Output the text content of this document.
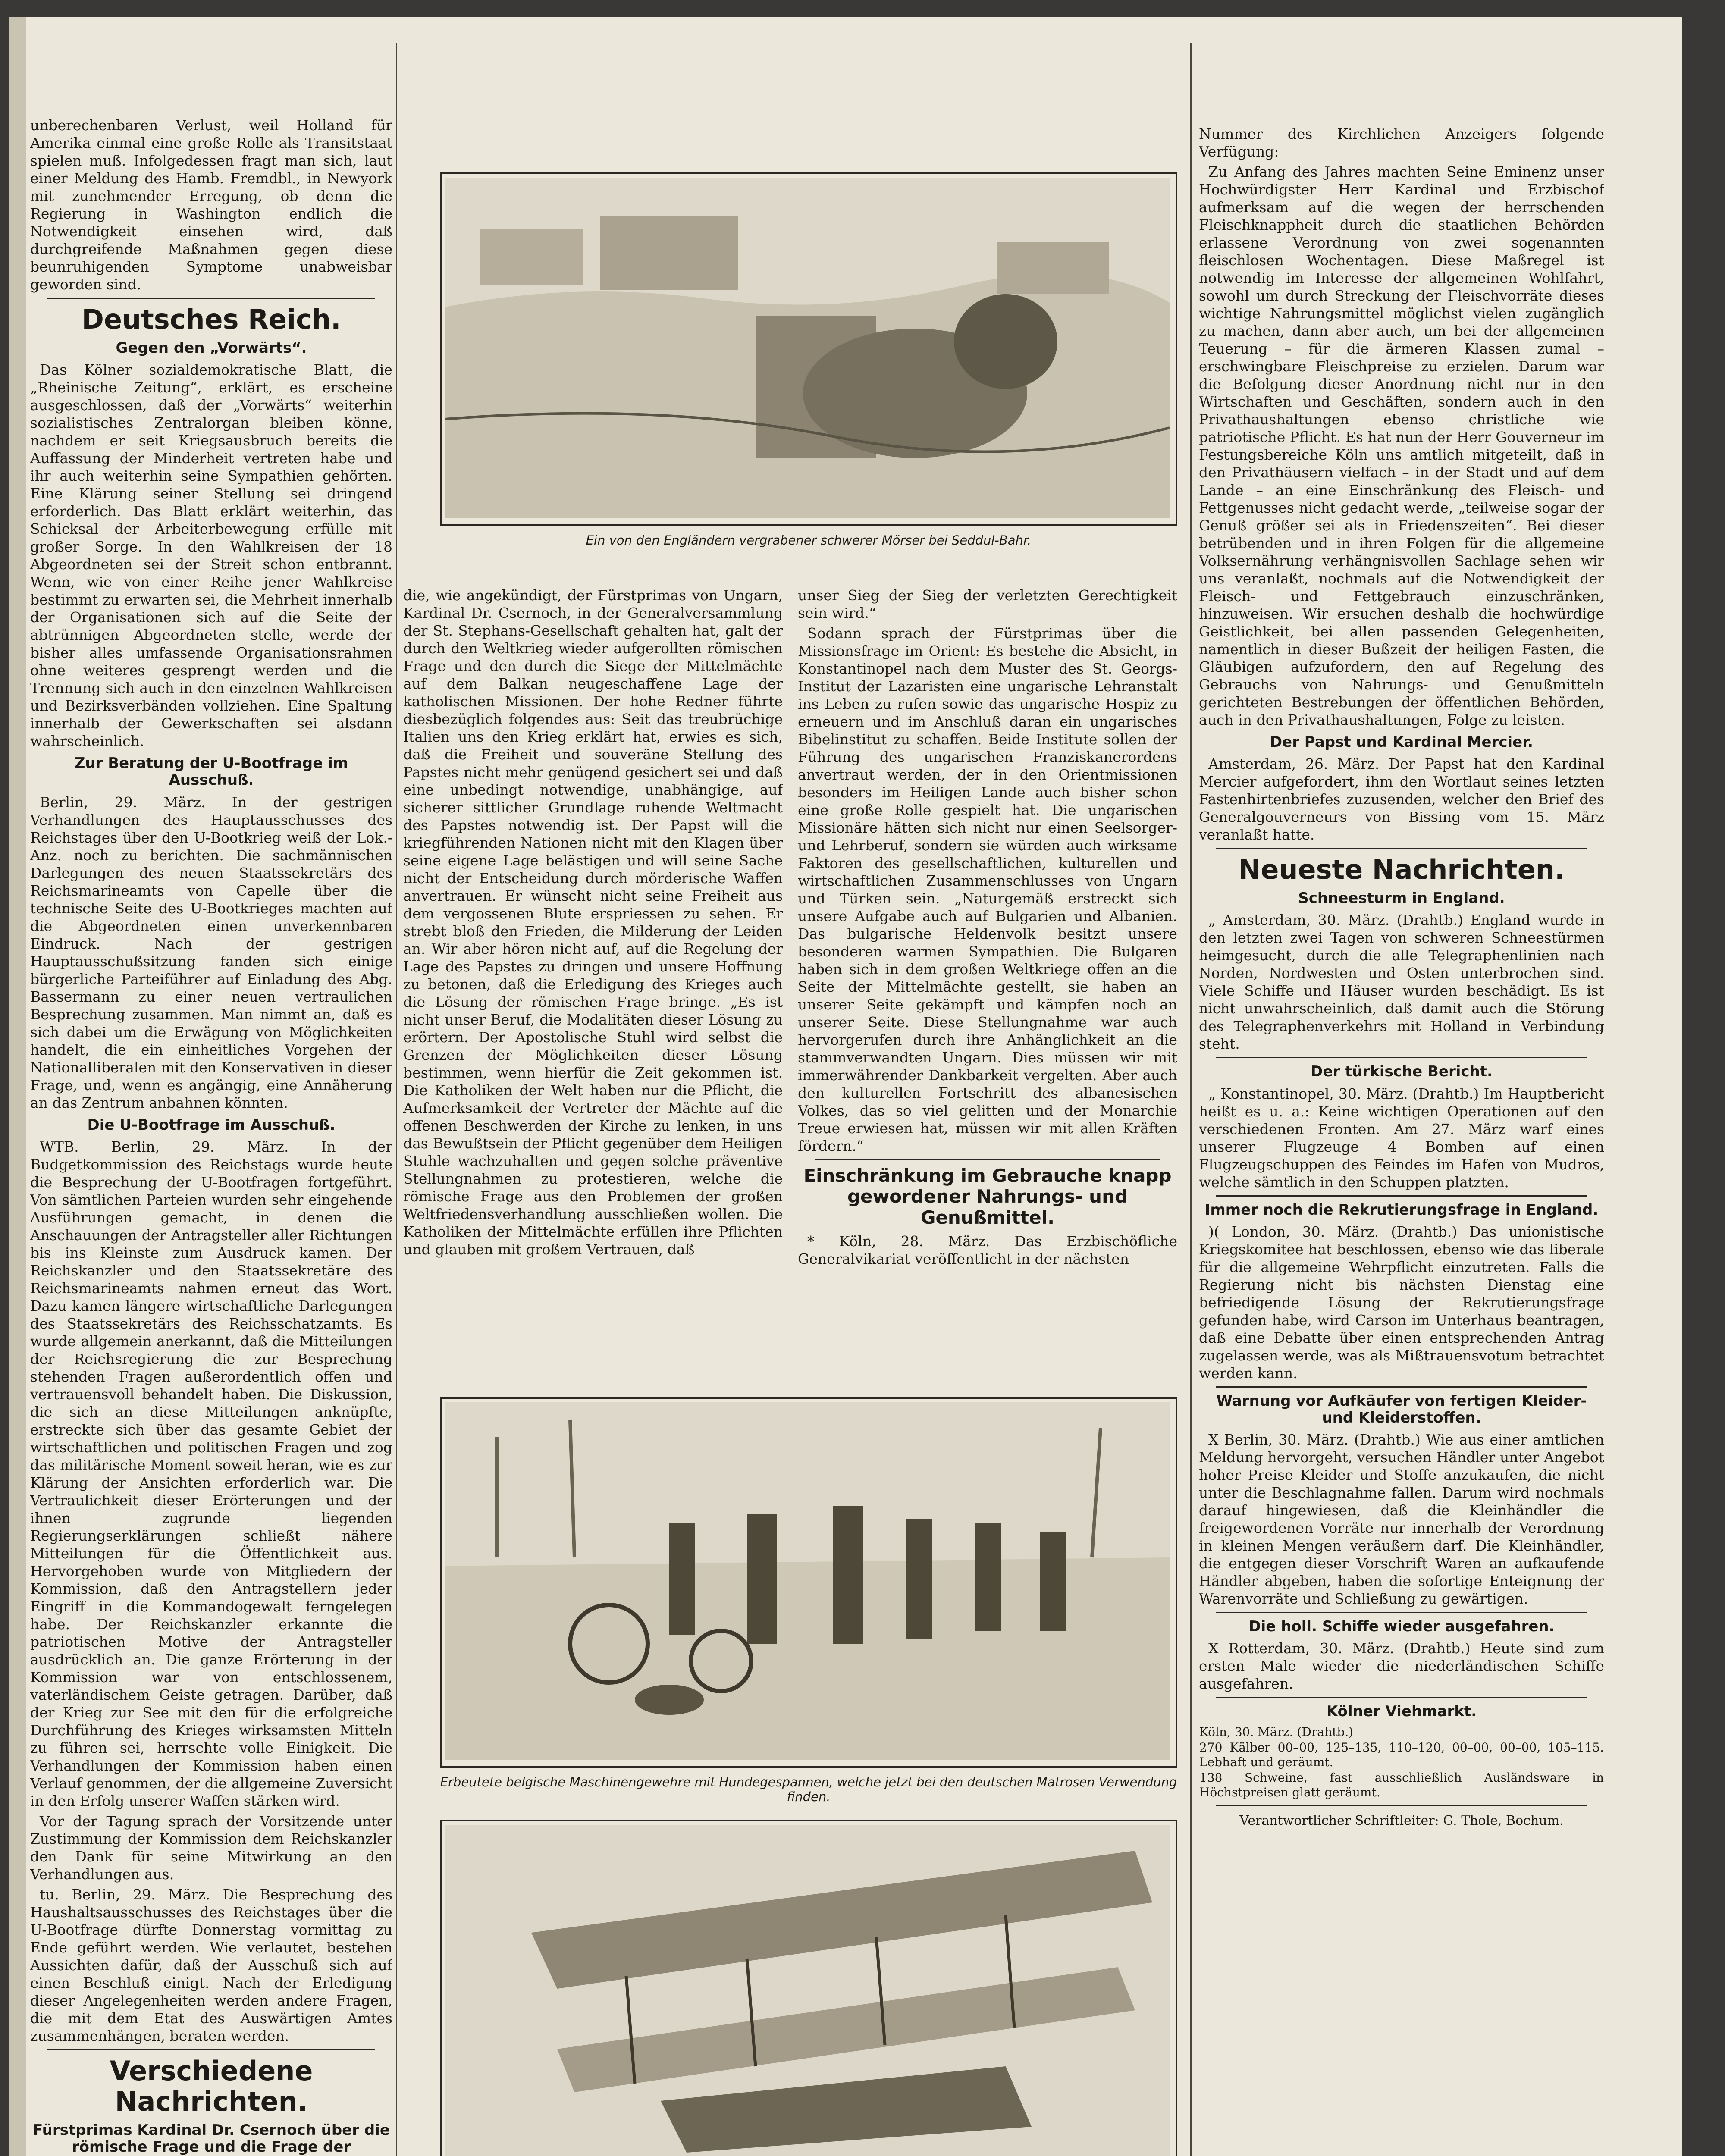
unberechenbaren Verlust, weil Holland für Amerika einmal eine große Rolle als Transitstaat spielen muß. Infolgedessen fragt man sich, laut einer Meldung des Hamb. Fremdbl., in Newyork mit zunehmender Erregung, ob denn die Regierung in Washington endlich die Notwendigkeit einsehen wird, daß durchgreifende Maßnahmen gegen diese beunruhigenden Symptome unabweisbar geworden sind.

Deutsches Reich.
Gegen den „Vorwärts“.

Das Kölner sozialdemokratische Blatt, die „Rheinische Zeitung“, erklärt, es erscheine ausgeschlossen, daß der „Vorwärts“ weiterhin sozialistisches Zentralorgan bleiben könne, nachdem er seit Kriegsausbruch bereits die Auffassung der Minderheit vertreten habe und ihr auch weiterhin seine Sympathien gehörten. Eine Klärung seiner Stellung sei dringend erforderlich. Das Blatt erklärt weiterhin, das Schicksal der Arbeiterbewegung erfülle mit großer Sorge. In den Wahlkreisen der 18 Abgeordneten sei der Streit schon entbrannt. Wenn, wie von einer Reihe jener Wahlkreise bestimmt zu erwarten sei, die Mehrheit innerhalb der Organisationen sich auf die Seite der abtrünnigen Abgeordneten stelle, werde der bisher alles umfassende Organisationsrahmen ohne weiteres gesprengt werden und die Trennung sich auch in den einzelnen Wahlkreisen und Bezirksverbänden vollziehen. Eine Spaltung innerhalb der Gewerkschaften sei alsdann wahrscheinlich.

Zur Beratung der U-Bootfrage im Ausschuß.

Berlin, 29. März. In der gestrigen Verhandlungen des Hauptausschusses des Reichstages über den U-Bootkrieg weiß der Lok.-Anz. noch zu berichten. Die sachmännischen Darlegungen des neuen Staatssekretärs des Reichsmarineamts von Capelle über die technische Seite des U-Bootkrieges machten auf die Abgeordneten einen unverkennbaren Eindruck. Nach der gestrigen Hauptausschußsitzung fanden sich einige bürgerliche Parteiführer auf Einladung des Abg. Bassermann zu einer neuen vertraulichen Besprechung zusammen. Man nimmt an, daß es sich dabei um die Erwägung von Möglichkeiten handelt, die ein einheitliches Vorgehen der Nationalliberalen mit den Konservativen in dieser Frage, und, wenn es angängig, eine Annäherung an das Zentrum anbahnen könnten.

Die U-Bootfrage im Ausschuß.

WTB. Berlin, 29. März. In der Budgetkommission des Reichstags wurde heute die Besprechung der U-Bootfragen fortgeführt. Von sämtlichen Parteien wurden sehr eingehende Ausführungen gemacht, in denen die Anschauungen der Antragsteller aller Richtungen bis ins Kleinste zum Ausdruck kamen. Der Reichskanzler und den Staatssekretäre des Reichsmarineamts nahmen erneut das Wort. Dazu kamen längere wirtschaftliche Darlegungen des Staatssekretärs des Reichsschatzamts. Es wurde allgemein anerkannt, daß die Mitteilungen der Reichsregierung die zur Besprechung stehenden Fragen außerordentlich offen und vertrauensvoll behandelt haben. Die Diskussion, die sich an diese Mitteilungen anknüpfte, erstreckte sich über das gesamte Gebiet der wirtschaftlichen und politischen Fragen und zog das militärische Moment soweit heran, wie es zur Klärung der Ansichten erforderlich war. Die Vertraulichkeit dieser Erörterungen und der ihnen zugrunde liegenden Regierungserklärungen schließt nähere Mitteilungen für die Öffentlichkeit aus. Hervorgehoben wurde von Mitgliedern der Kommission, daß den Antragstellern jeder Eingriff in die Kommandogewalt ferngelegen habe. Der Reichskanzler erkannte die patriotischen Motive der Antragsteller ausdrücklich an. Die ganze Erörterung in der Kommission war von entschlossenem, vaterländischem Geiste getragen. Darüber, daß der Krieg zur See mit den für die erfolgreiche Durchführung des Krieges wirksamsten Mitteln zu führen sei, herrschte volle Einigkeit. Die Verhandlungen der Kommission haben einen Verlauf genommen, der die allgemeine Zuversicht in den Erfolg unserer Waffen stärken wird.

Vor der Tagung sprach der Vorsitzende unter Zustimmung der Kommission dem Reichskanzler den Dank für seine Mitwirkung an den Verhandlungen aus.

tu. Berlin, 29. März. Die Besprechung des Haushaltsausschusses des Reichstages über die U-Bootfrage dürfte Donnerstag vormittag zu Ende geführt werden. Wie verlautet, bestehen Aussichten dafür, daß der Ausschuß sich auf einen Beschluß einigt. Nach der Erledigung dieser Angelegenheiten werden andere Fragen, die mit dem Etat des Auswärtigen Amtes zusammenhängen, beraten werden.

Verschiedene Nachrichten.
Fürstprimas Kardinal Dr. Csernoch über die römische Frage und die Frage der

Ein von den Engländern vergrabener schwerer Mörser bei Seddul-Bahr.

die, wie angekündigt, der Fürstprimas von Ungarn, Kardinal Dr. Csernoch, in der Generalversammlung der St. Stephans-Gesellschaft gehalten hat, galt der durch den Weltkrieg wieder aufgerollten römischen Frage und den durch die Siege der Mittelmächte auf dem Balkan neugeschaffene Lage der katholischen Missionen. Der hohe Redner führte diesbezüglich folgendes aus: Seit das treubrüchige Italien uns den Krieg erklärt hat, erwies es sich, daß die Freiheit und souveräne Stellung des Papstes nicht mehr genügend gesichert sei und daß eine unbedingt notwendige, unabhängige, auf sicherer sittlicher Grundlage ruhende Weltmacht des Papstes notwendig ist. Der Papst will die kriegführenden Nationen nicht mit den Klagen über seine eigene Lage belästigen und will seine Sache nicht der Entscheidung durch mörderische Waffen anvertrauen. Er wünscht nicht seine Freiheit aus dem vergossenen Blute erspriessen zu sehen. Er strebt bloß den Frieden, die Milderung der Leiden an. Wir aber hören nicht auf, auf die Regelung der Lage des Papstes zu dringen und unsere Hoffnung zu betonen, daß die Erledigung des Krieges auch die Lösung der römischen Frage bringe. „Es ist nicht unser Beruf, die Modalitäten dieser Lösung zu erörtern. Der Apostolische Stuhl wird selbst die Grenzen der Möglichkeiten dieser Lösung bestimmen, wenn hierfür die Zeit gekommen ist. Die Katholiken der Welt haben nur die Pflicht, die Aufmerksamkeit der Vertreter der Mächte auf die offenen Beschwerden der Kirche zu lenken, in uns das Bewußtsein der Pflicht gegenüber dem Heiligen Stuhle wachzuhalten und gegen solche präventive Stellungnahmen zu protestieren, welche die römische Frage aus den Problemen der großen Weltfriedensverhandlung ausschließen wollen. Die Katholiken der Mittelmächte erfüllen ihre Pflichten und glauben mit großem Vertrauen, daß

unser Sieg der Sieg der verletzten Gerechtigkeit sein wird.“

Sodann sprach der Fürstprimas über die Missionsfrage im Orient: Es bestehe die Absicht, in Konstantinopel nach dem Muster des St. Georgs-Institut der Lazaristen eine ungarische Lehranstalt ins Leben zu rufen sowie das ungarische Hospiz zu erneuern und im Anschluß daran ein ungarisches Bibelinstitut zu schaffen. Beide Institute sollen der Führung des ungarischen Franziskanerordens anvertraut werden, der in den Orientmissionen besonders im Heiligen Lande auch bisher schon eine große Rolle gespielt hat. Die ungarischen Missionäre hätten sich nicht nur einen Seelsorger- und Lehrberuf, sondern sie würden auch wirksame Faktoren des gesellschaftlichen, kulturellen und wirtschaftlichen Zusammenschlusses von Ungarn und Türken sein. „Naturgemäß erstreckt sich unsere Aufgabe auch auf Bulgarien und Albanien. Das bulgarische Heldenvolk besitzt unsere besonderen warmen Sympathien. Die Bulgaren haben sich in dem großen Weltkriege offen an die Seite der Mittelmächte gestellt, sie haben an unserer Seite gekämpft und kämpfen noch an unserer Seite. Diese Stellungnahme war auch hervorgerufen durch ihre Anhänglichkeit an die stammverwandten Ungarn. Dies müssen wir mit immerwährender Dankbarkeit vergelten. Aber auch den kulturellen Fortschritt des albanesischen Volkes, das so viel gelitten und der Monarchie Treue erwiesen hat, müssen wir mit allen Kräften fördern.“

Einschränkung im Gebrauche knapp gewordener Nahrungs- und Genußmittel.

* Köln, 28. März. Das Erzbischöfliche Generalvikariat veröffentlicht in der nächsten

Erbeutete belgische Maschinengewehre mit Hundegespannen, welche jetzt bei den deutschen Matrosen Verwendung finden.

Nummer des Kirchlichen Anzeigers folgende Verfügung:

Zu Anfang des Jahres machten Seine Eminenz unser Hochwürdigster Herr Kardinal und Erzbischof aufmerksam auf die wegen der herrschenden Fleischknappheit durch die staatlichen Behörden erlassene Verordnung von zwei sogenannten fleischlosen Wochentagen. Diese Maßregel ist notwendig im Interesse der allgemeinen Wohlfahrt, sowohl um durch Streckung der Fleischvorräte dieses wichtige Nahrungsmittel möglichst vielen zugänglich zu machen, dann aber auch, um bei der allgemeinen Teuerung – für die ärmeren Klassen zumal – erschwingbare Fleischpreise zu erzielen. Darum war die Befolgung dieser Anordnung nicht nur in den Wirtschaften und Geschäften, sondern auch in den Privathaushaltungen ebenso christliche wie patriotische Pflicht. Es hat nun der Herr Gouverneur im Festungsbereiche Köln uns amtlich mitgeteilt, daß in den Privathäusern vielfach – in der Stadt und auf dem Lande – an eine Einschränkung des Fleisch- und Fettgenusses nicht gedacht werde, „teilweise sogar der Genuß größer sei als in Friedenszeiten“. Bei dieser betrübenden und in ihren Folgen für die allgemeine Volksernährung verhängnisvollen Sachlage sehen wir uns veranlaßt, nochmals auf die Notwendigkeit der Fleisch- und Fettgebrauch einzuschränken, hinzuweisen. Wir ersuchen deshalb die hochwürdige Geistlichkeit, bei allen passenden Gelegenheiten, namentlich in dieser Bußzeit der heiligen Fasten, die Gläubigen aufzufordern, den auf Regelung des Gebrauchs von Nahrungs- und Genußmitteln gerichteten Bestrebungen der öffentlichen Behörden, auch in den Privathaushaltungen, Folge zu leisten.

Der Papst und Kardinal Mercier.

Amsterdam, 26. März. Der Papst hat den Kardinal Mercier aufgefordert, ihm den Wortlaut seines letzten Fastenhirtenbriefes zuzusenden, welcher den Brief des Generalgouverneurs von Bissing vom 15. März veranlaßt hatte.

Neueste Nachrichten.
Schneesturm in England.

„ Amsterdam, 30. März. (Drahtb.) England wurde in den letzten zwei Tagen von schweren Schneestürmen heimgesucht, durch die alle Telegraphenlinien nach Norden, Nordwesten und Osten unterbrochen sind. Viele Schiffe und Häuser wurden beschädigt. Es ist nicht unwahrscheinlich, daß damit auch die Störung des Telegraphenverkehrs mit Holland in Verbindung steht.

Der türkische Bericht.

„ Konstantinopel, 30. März. (Drahtb.) Im Hauptbericht heißt es u. a.: Keine wichtigen Operationen auf den verschiedenen Fronten. Am 27. März warf eines unserer Flugzeuge 4 Bomben auf einen Flugzeugschuppen des Feindes im Hafen von Mudros, welche sämtlich in den Schuppen platzten.

Immer noch die Rekrutierungsfrage in England.

)( London, 30. März. (Drahtb.) Das unionistische Kriegskomitee hat beschlossen, ebenso wie das liberale für die allgemeine Wehrpflicht einzutreten. Falls die Regierung nicht bis nächsten Dienstag eine befriedigende Lösung der Rekrutierungsfrage gefunden habe, wird Carson im Unterhaus beantragen, daß eine Debatte über einen entsprechenden Antrag zugelassen werde, was als Mißtrauensvotum betrachtet werden kann.

Warnung vor Aufkäufer von fertigen Kleider- und Kleiderstoffen.

X Berlin, 30. März. (Drahtb.) Wie aus einer amtlichen Meldung hervorgeht, versuchen Händler unter Angebot hoher Preise Kleider und Stoffe anzukaufen, die nicht unter die Beschlagnahme fallen. Darum wird nochmals darauf hingewiesen, daß die Kleinhändler die freigewordenen Vorräte nur innerhalb der Verordnung in kleinen Mengen veräußern darf. Die Kleinhändler, die entgegen dieser Vorschrift Waren an aufkaufende Händler abgeben, haben die sofortige Enteignung der Warenvorräte und Schließung zu gewärtigen.

Die holl. Schiffe wieder ausgefahren.

X Rotterdam, 30. März. (Drahtb.) Heute sind zum ersten Male wieder die niederländischen Schiffe ausgefahren.

Kölner Viehmarkt.
Köln, 30. März. (Drahtb.)
270 Kälber 00–00, 125–135, 110–120, 00–00, 00–00, 105–115. Lebhaft und geräumt.
138 Schweine, fast ausschließlich Ausländsware in Höchstpreisen glatt geräumt.
Verantwortlicher Schriftleiter: G. Thole, Bochum.
